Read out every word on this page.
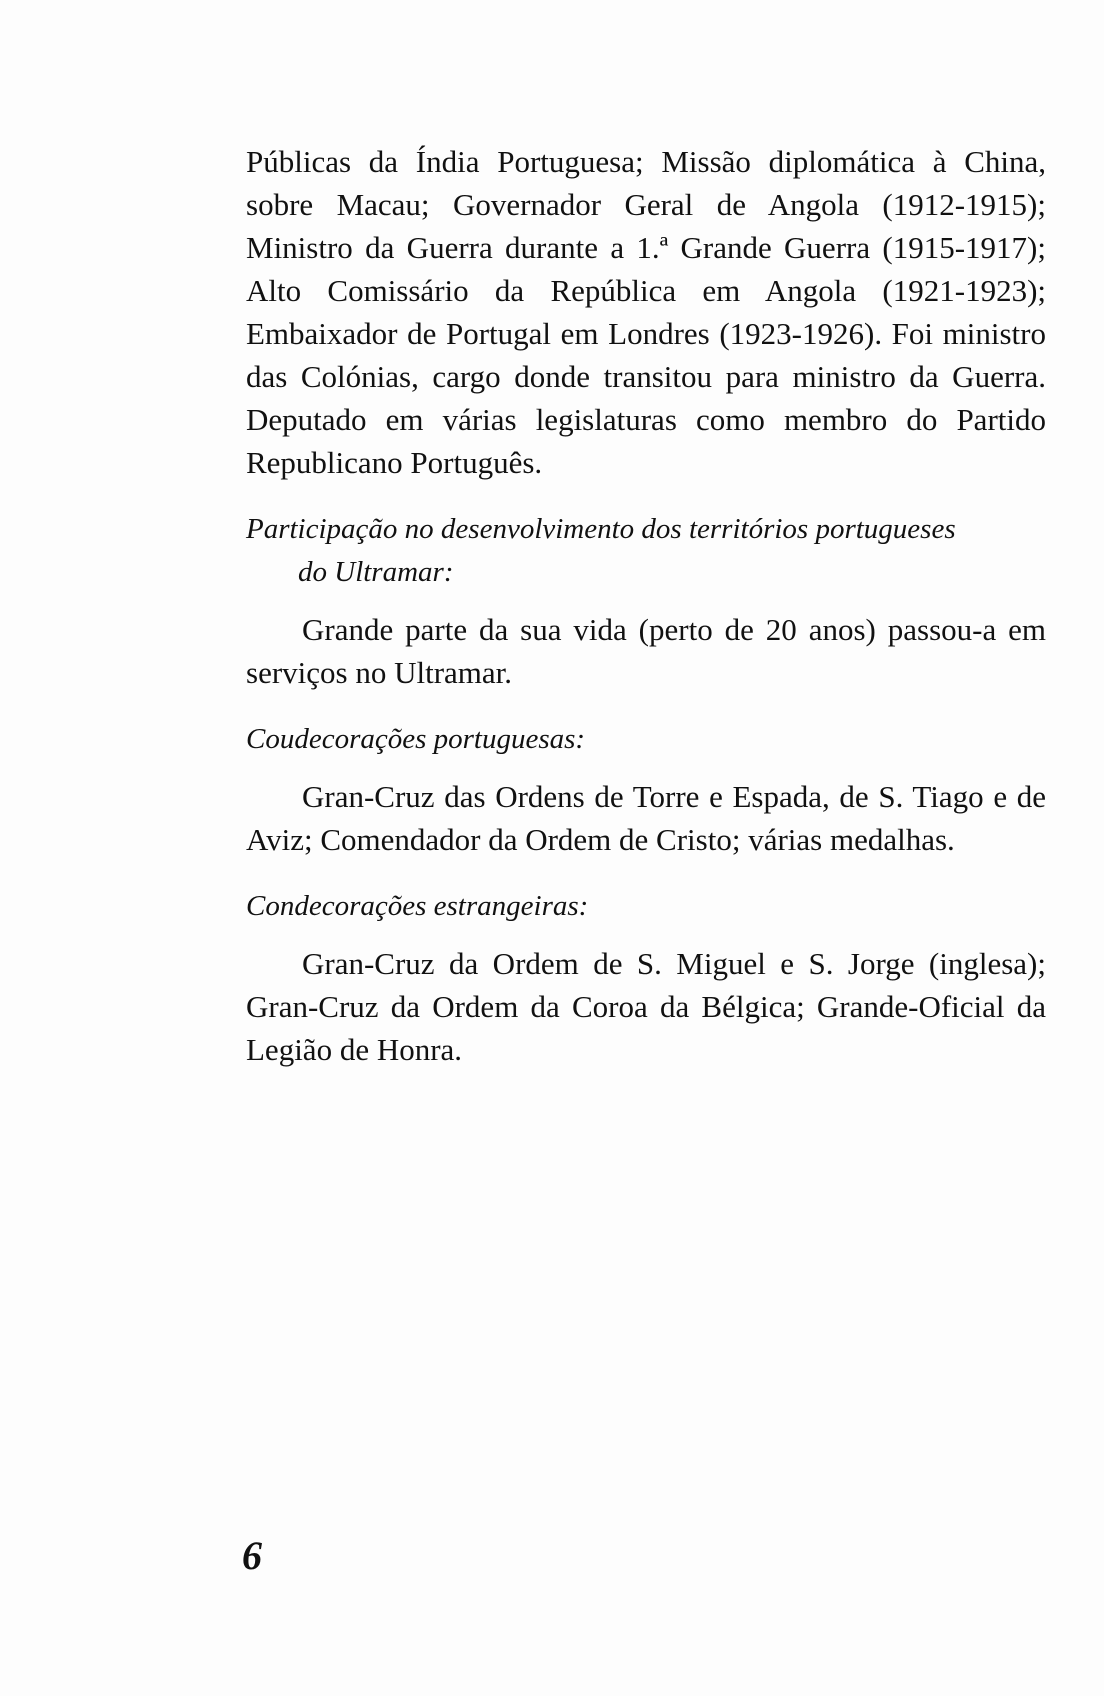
Públicas da Índia Portuguesa; Missão diplomática à China, sobre Macau; Governador Geral de Angola (1912-1915); Ministro da Guerra durante a 1.ª Grande Guerra (1915-1917); Alto Comissário da República em Angola (1921-1923); Embaixador de Portugal em Londres (1923-1926). Foi ministro das Colónias, cargo donde transitou para ministro da Guerra. Deputado em várias legislaturas como membro do Partido Republicano Português.

Participação no desenvolvimento dos territórios portugueses

do Ultramar:

Grande parte da sua vida (perto de 20 anos) passou-a em serviços no Ultramar.

Coudecorações portuguesas:

Gran-Cruz das Ordens de Torre e Espada, de S. Tiago e de Aviz; Comendador da Ordem de Cristo; várias medalhas.

Condecorações estrangeiras:

Gran-Cruz da Ordem de S. Miguel e S. Jorge (inglesa); Gran-Cruz da Ordem da Coroa da Bélgica; Grande-Oficial da Legião de Honra.

6
